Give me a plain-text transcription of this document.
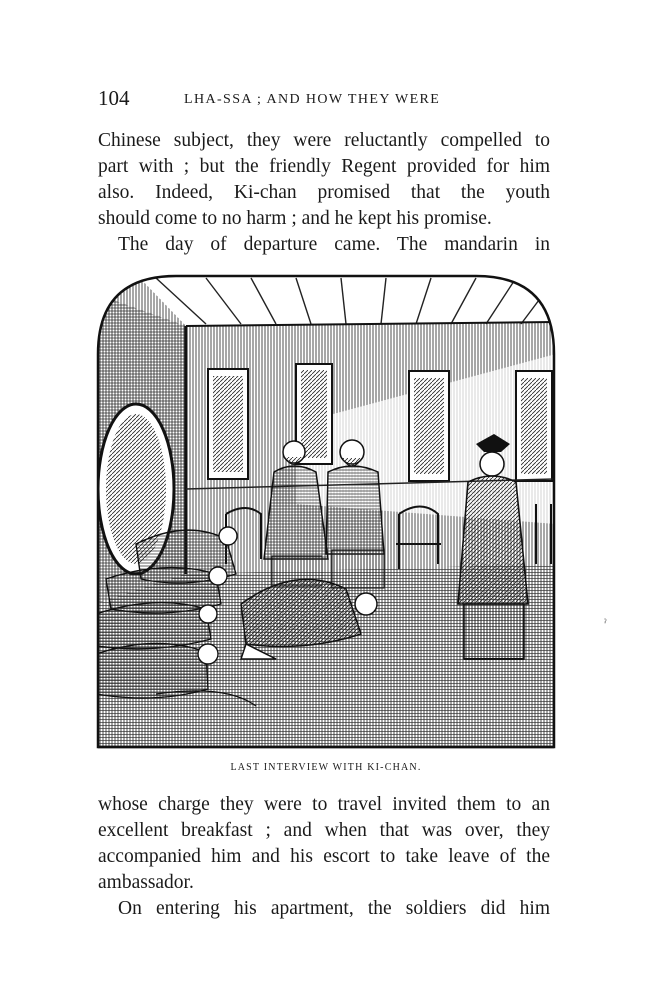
104	LHA-SSA ; AND HOW THEY WERE
Chinese subject, they were reluctantly compelled to
part with ; but the friendly Regent provided for him
also. Indeed, Ki-chan promised that the youth
should come to no harm ; and he kept his promise.
The day of departure came. The mandarin in
LAST INTERVIEW WITH KI-CHAN.
whose charge they were to travel invited them to an
excellent breakfast ; and when that was over, they
accompanied him and his escort to take leave of the
ambassador.
On entering his apartment, the soldiers did him
ˀ
